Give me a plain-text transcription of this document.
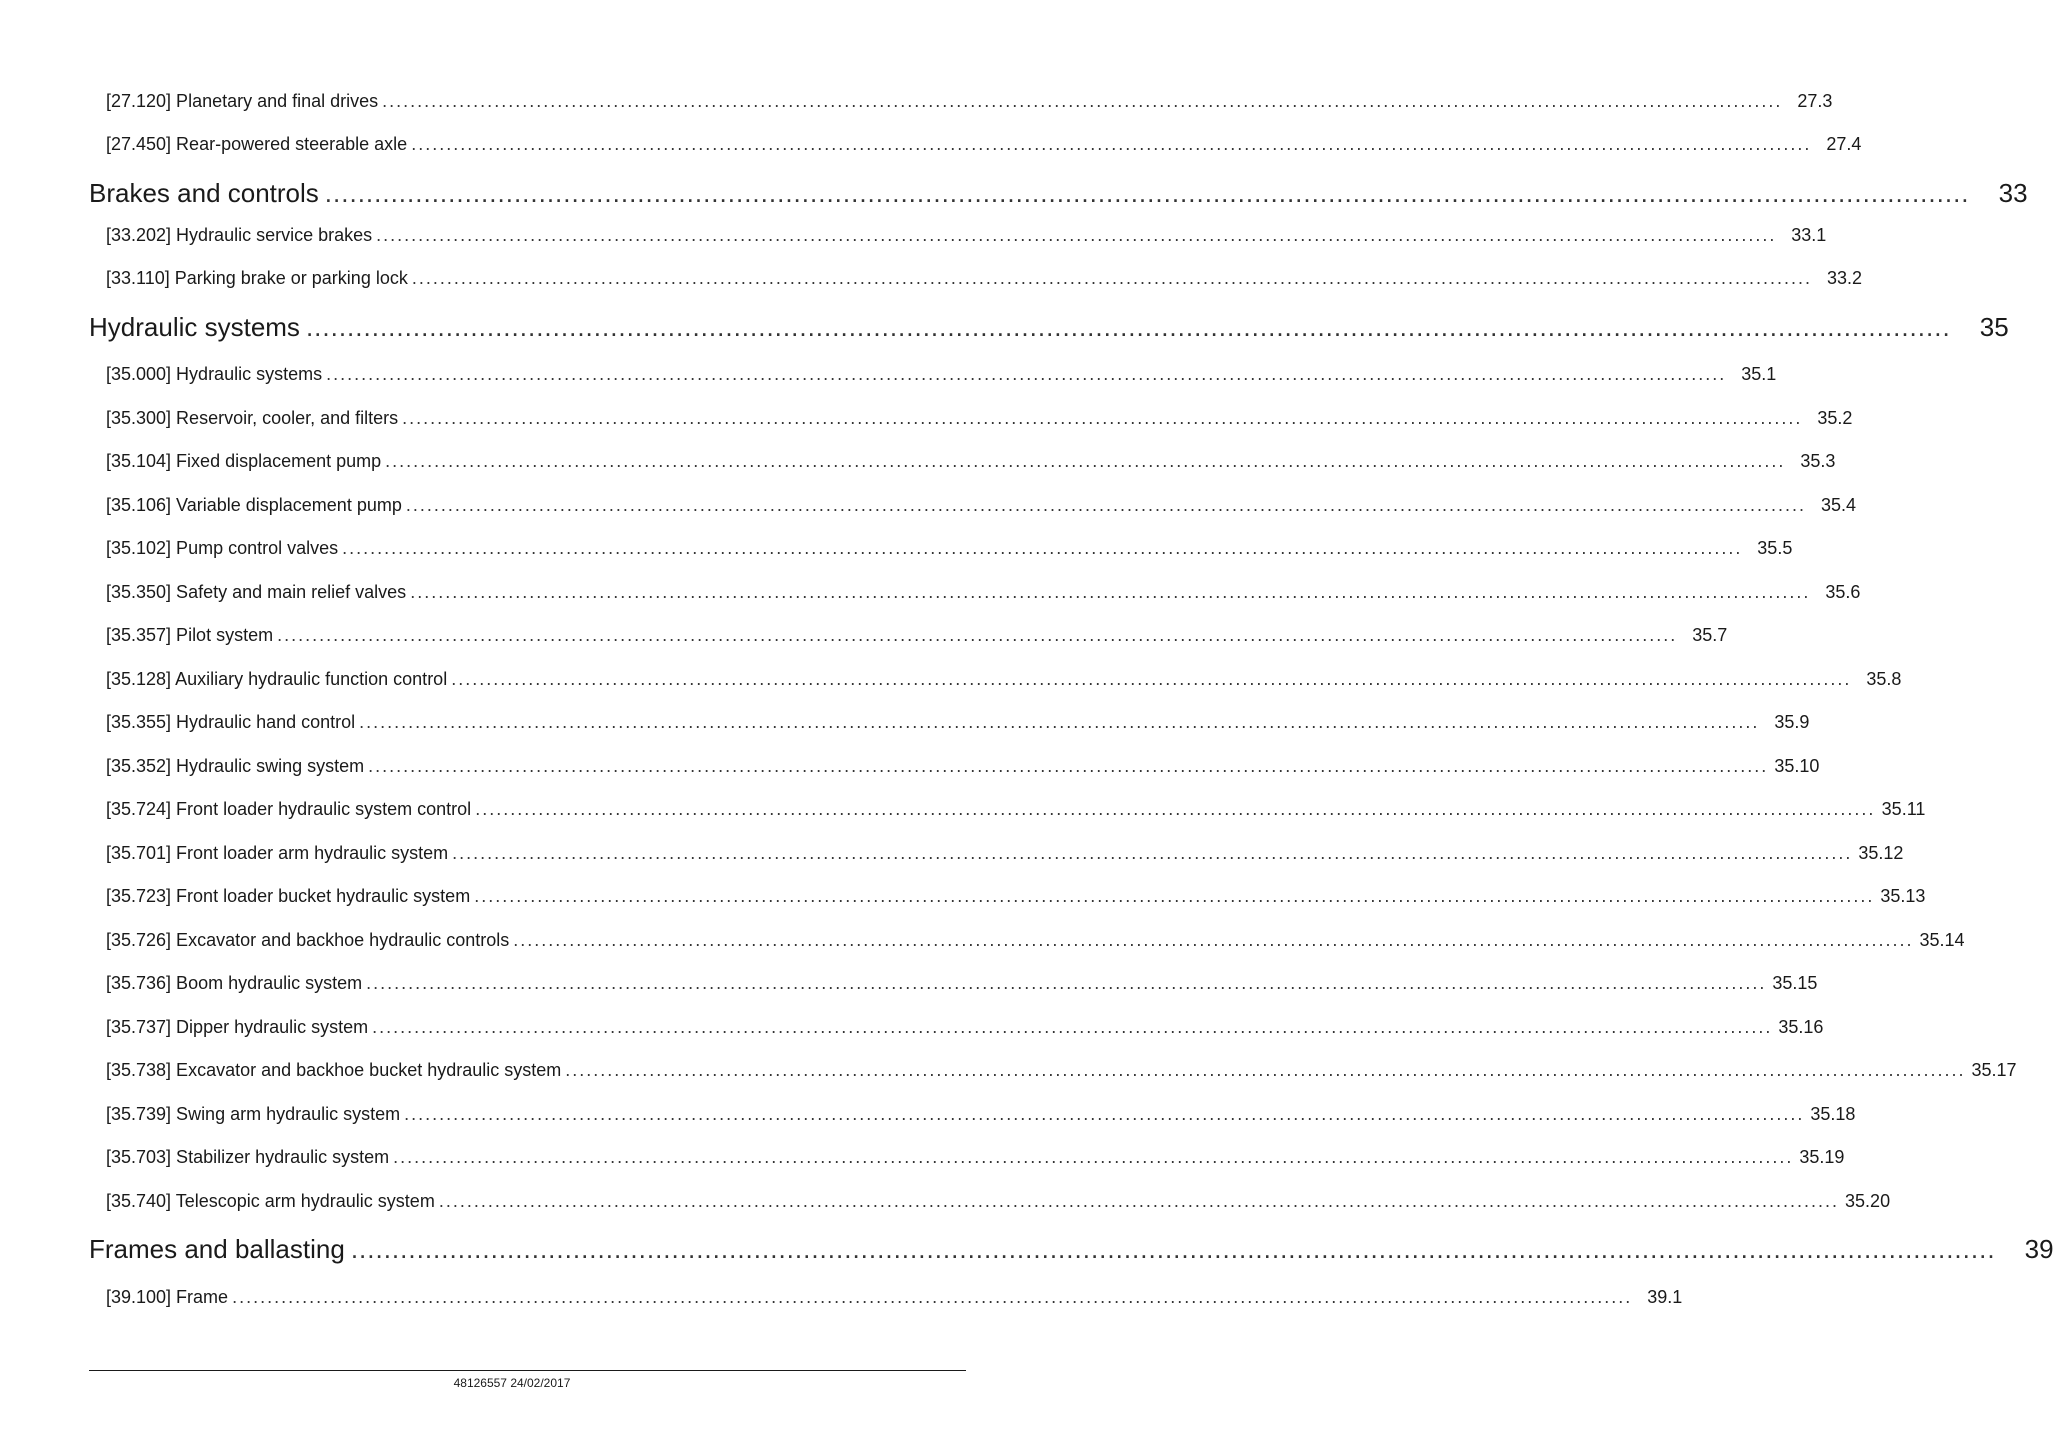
[27.120] Planetary and final drives ........................................................................................................................................................................................................ 27.3
[27.450] Rear-powered steerable axle ........................................................................................................................................................................................................ 27.4
Brakes and controls ........................................................................................................................................................................................................	33
[33.202] Hydraulic service brakes ........................................................................................................................................................................................................ 33.1
[33.110] Parking brake or parking lock ........................................................................................................................................................................................................ 33.2
Hydraulic systems ........................................................................................................................................................................................................	35
[35.000] Hydraulic systems ........................................................................................................................................................................................................ 35.1
[35.300] Reservoir, cooler, and filters ........................................................................................................................................................................................................ 35.2
[35.104] Fixed displacement pump ........................................................................................................................................................................................................ 35.3
[35.106] Variable displacement pump ........................................................................................................................................................................................................ 35.4
[35.102] Pump control valves ........................................................................................................................................................................................................ 35.5
[35.350] Safety and main relief valves ........................................................................................................................................................................................................ 35.6
[35.357] Pilot system ........................................................................................................................................................................................................ 35.7
[35.128] Auxiliary hydraulic function control ........................................................................................................................................................................................................ 35.8
[35.355] Hydraulic hand control ........................................................................................................................................................................................................ 35.9
[35.352] Hydraulic swing system ........................................................................................................................................................................................................ 35.10
[35.724] Front loader hydraulic system control ........................................................................................................................................................................................................ 35.11
[35.701] Front loader arm hydraulic system ........................................................................................................................................................................................................ 35.12
[35.723] Front loader bucket hydraulic system ........................................................................................................................................................................................................ 35.13
[35.726] Excavator and backhoe hydraulic controls ........................................................................................................................................................................................................ 35.14
[35.736] Boom hydraulic system ........................................................................................................................................................................................................ 35.15
[35.737] Dipper hydraulic system ........................................................................................................................................................................................................ 35.16
[35.738] Excavator and backhoe bucket hydraulic system ........................................................................................................................................................................................................ 35.17
[35.739] Swing arm hydraulic system ........................................................................................................................................................................................................ 35.18
[35.703] Stabilizer hydraulic system ........................................................................................................................................................................................................ 35.19
[35.740] Telescopic arm hydraulic system ........................................................................................................................................................................................................ 35.20
Frames and ballasting ........................................................................................................................................................................................................	39
[39.100] Frame ........................................................................................................................................................................................................ 39.1
48126557 24/02/2017
